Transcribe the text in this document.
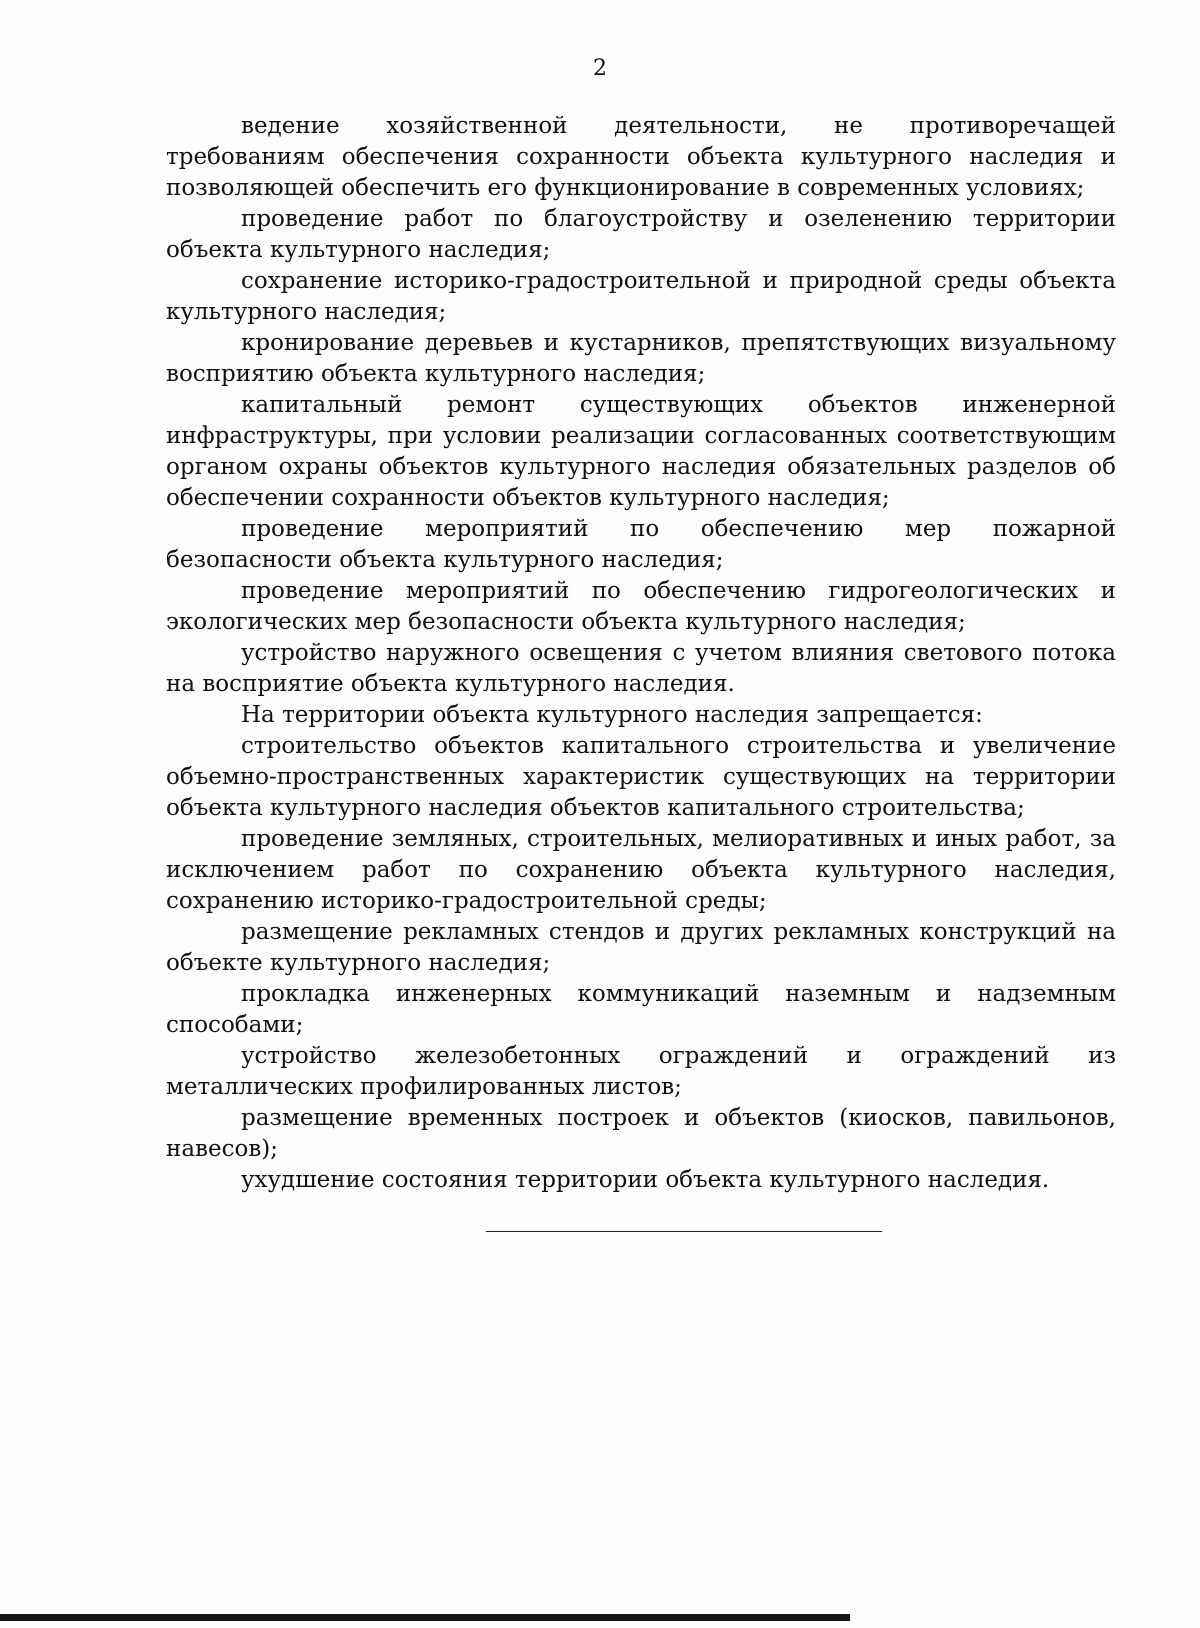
2

ведение хозяйственной деятельности, не противоречащей требованиям обеспечения сохранности объекта культурного наследия и позволяющей обеспечить его функционирование в современных условиях;

проведение работ по благоустройству и озеленению территории объекта культурного наследия;

сохранение историко-градостроительной и природной среды объекта культурного наследия;

кронирование деревьев и кустарников, препятствующих визуальному восприятию объекта культурного наследия;

капитальный ремонт существующих объектов инженерной инфраструктуры, при условии реализации согласованных соответствующим органом охраны объектов культурного наследия обязательных разделов об обеспечении сохранности объектов культурного наследия;

проведение мероприятий по обеспечению мер пожарной безопасности объекта культурного наследия;

проведение мероприятий по обеспечению гидрогеологических и экологических мер безопасности объекта культурного наследия;

устройство наружного освещения с учетом влияния светового потока на восприятие объекта культурного наследия.

На территории объекта культурного наследия запрещается:

строительство объектов капитального строительства и увеличение объемно-пространственных характеристик существующих на территории объекта культурного наследия объектов капитального строительства;

проведение земляных, строительных, мелиоративных и иных работ, за исключением работ по сохранению объекта культурного наследия, сохранению историко-градостроительной среды;

размещение рекламных стендов и других рекламных конструкций на объекте культурного наследия;

прокладка инженерных коммуникаций наземным и надземным способами;

устройство железобетонных ограждений и ограждений из металлических профилированных листов;

размещение временных построек и объектов (киосков, павильонов, навесов);

ухудшение состояния территории объекта культурного наследия.
